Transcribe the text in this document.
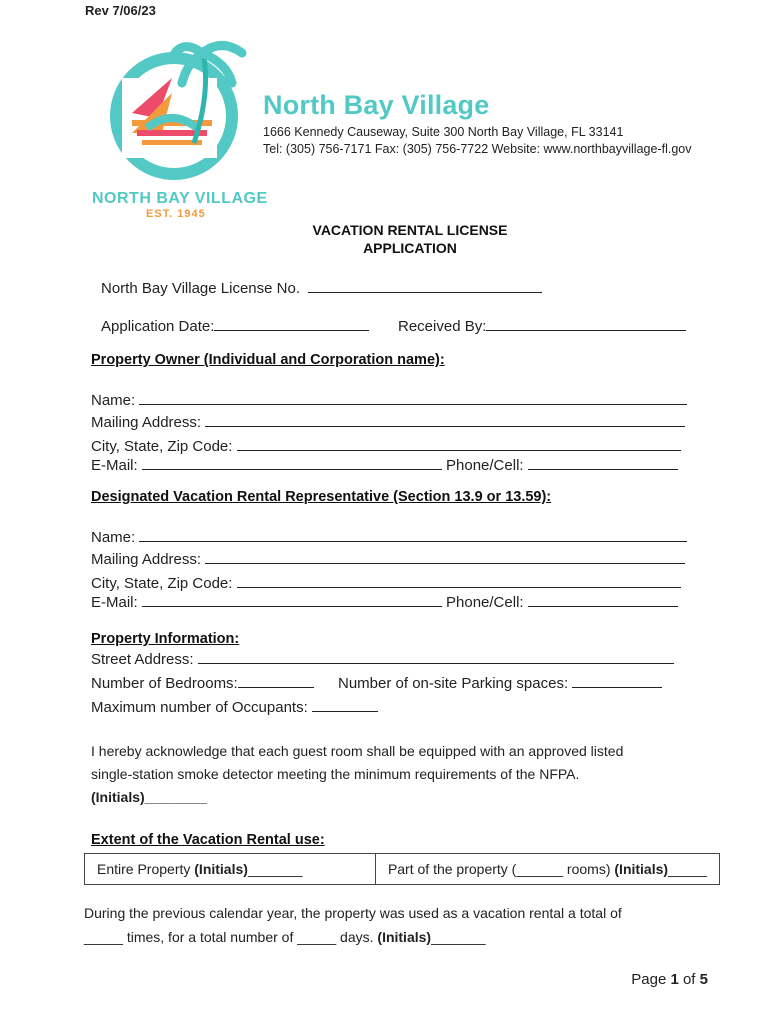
Rev 7/06/23
NORTH BAY VILLAGE
EST. 1945
North Bay Village
1666 Kennedy Causeway, Suite 300 North Bay Village, FL 33141
Tel: (305) 756-7171 Fax: (305) 756-7722 Website: www.northbayvillage-fl.gov
VACATION RENTAL LICENSE
APPLICATION
North Bay Village License No.
Application Date:	Received By:
Property Owner (Individual and Corporation name):
Name:
Mailing Address:
City, State, Zip Code:
E-Mail:	Phone/Cell:
Designated Vacation Rental Representative (Section 13.9 or 13.59):
Name:
Mailing Address:
City, State, Zip Code:
E-Mail:	Phone/Cell:
Property Information:
Street Address:
Number of Bedrooms:	Number of on-site Parking spaces:
Maximum number of Occupants:
I hereby acknowledge that each guest room shall be equipped with an approved listed
single-station smoke detector meeting the minimum requirements of the NFPA.
(Initials)________
Extent of the Vacation Rental use:
Entire Property (Initials)_______	Part of the property (______ rooms) (Initials)_____
During the previous calendar year, the property was used as a vacation rental a total of
_____ times, for a total number of _____ days. (Initials)_______
Page 1 of 5
